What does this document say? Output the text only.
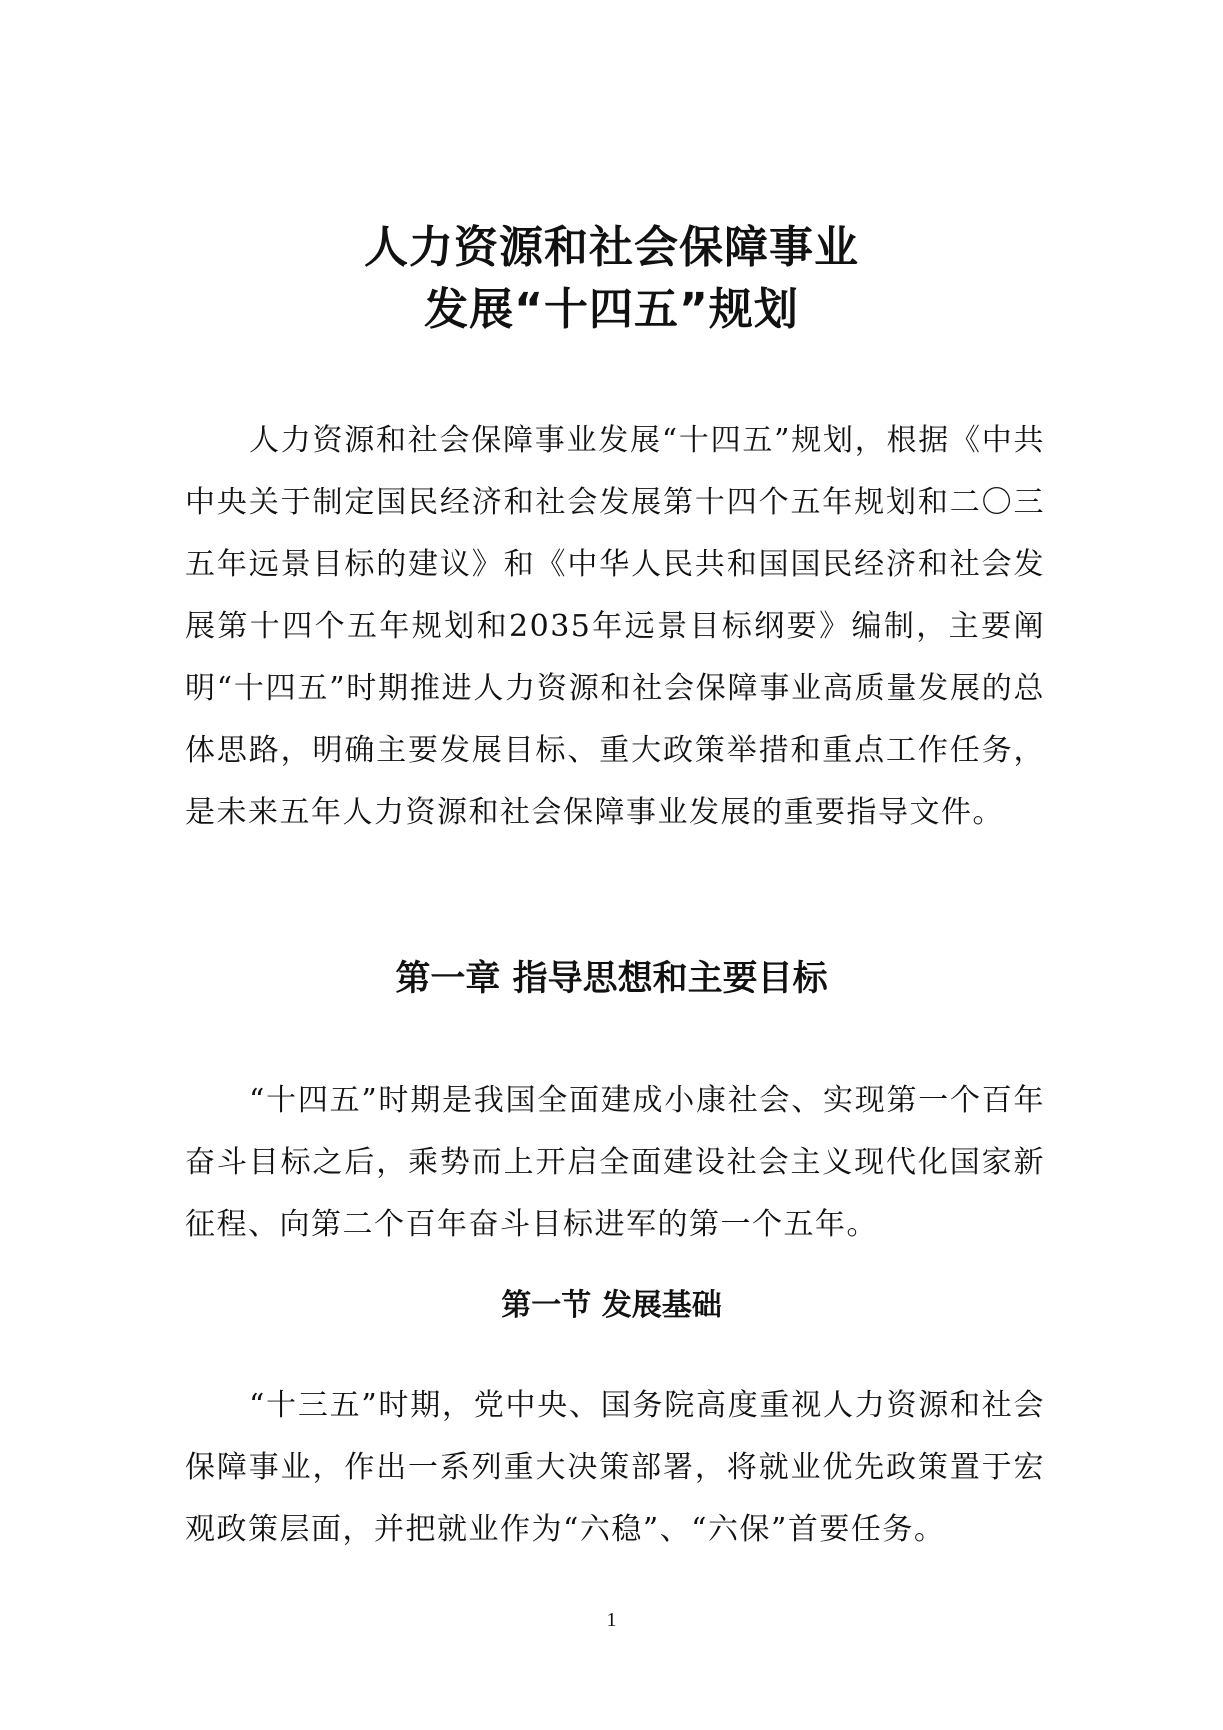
人力资源和社会保障事业
发展“十四五”规划
人力资源和社会保障事业发展“十四五”规划，根据《中共中央关于制定国民经济和社会发展第十四个五年规划和二〇三五年远景目标的建议》和《中华人民共和国国民经济和社会发展第十四个五年规划和2035年远景目标纲要》编制，主要阐明“十四五”时期推进人力资源和社会保障事业高质量发展的总体思路，明确主要发展目标、重大政策举措和重点工作任务，是未来五年人力资源和社会保障事业发展的重要指导文件。
第一章 指导思想和主要目标
“十四五”时期是我国全面建成小康社会、实现第一个百年奋斗目标之后，乘势而上开启全面建设社会主义现代化国家新征程、向第二个百年奋斗目标进军的第一个五年。
第一节 发展基础
“十三五”时期，党中央、国务院高度重视人力资源和社会保障事业，作出一系列重大决策部署，将就业优先政策置于宏观政策层面，并把就业作为“六稳”、“六保”首要任务。
1
